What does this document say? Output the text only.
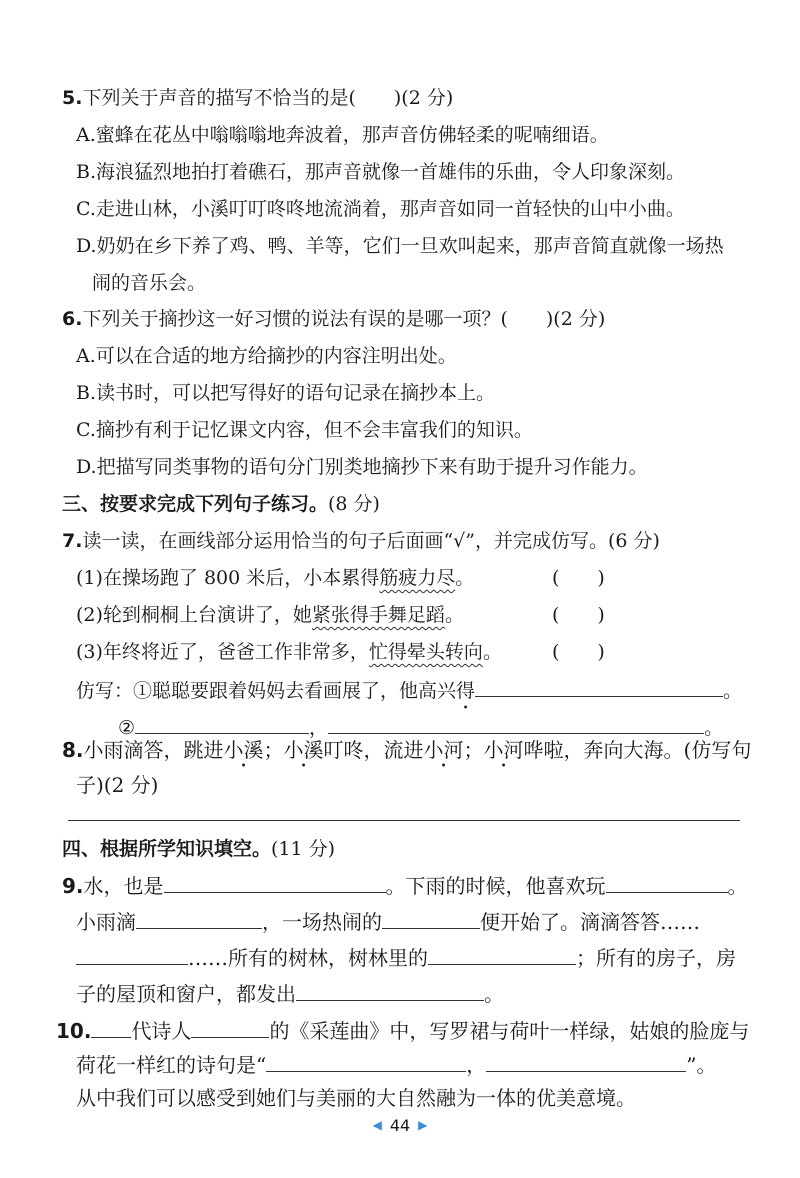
5.下列关于声音的描写不恰当的是(　　)(2 分)
A.蜜蜂在花丛中嗡嗡嗡地奔波着，那声音仿佛轻柔的呢喃细语。
B.海浪猛烈地拍打着礁石，那声音就像一首雄伟的乐曲，令人印象深刻。
C.走进山林，小溪叮叮咚咚地流淌着，那声音如同一首轻快的山中小曲。
D.奶奶在乡下养了鸡、鸭、羊等，它们一旦欢叫起来，那声音简直就像一场热
闹的音乐会。
6.下列关于摘抄这一好习惯的说法有误的是哪一项？(　　)(2 分)
A.可以在合适的地方给摘抄的内容注明出处。
B.读书时，可以把写得好的语句记录在摘抄本上。
C.摘抄有利于记忆课文内容，但不会丰富我们的知识。
D.把描写同类事物的语句分门别类地摘抄下来有助于提升习作能力。
三、按要求完成下列句子练习。(8 分)
7.读一读，在画线部分运用恰当的句子后面画“√”，并完成仿写。(6 分)
(1)在操场跑了 800 米后，小本累得筋疲力尽。	(　　)
(2)轮到桐桐上台演讲了，她紧张得手舞足蹈。	(　　)
(3)年终将近了，爸爸工作非常多，忙得晕头转向。	(　　)
仿写：①聪聪要跟着妈妈去看画展了，他高兴得	。
②	，	。
8.小雨滴答，跳进小溪；小溪叮咚，流进小河；小河哗啦，奔向大海。(仿写句
子)(2 分)
四、根据所学知识填空。(11 分)
9.水，也是	。下雨的时候，他喜欢玩	。
小雨滴	，一场热闹的	便开始了。滴滴答答……
……所有的树林，树林里的	；所有的房子，房
子的屋顶和窗户，都发出	。
10. 代诗人	的《采莲曲》中，写罗裙与荷叶一样绿，姑娘的脸庞与
荷花一样红的诗句是“	，	”。
从中我们可以感受到她们与美丽的大自然融为一体的优美意境。
◀ 44 ▶
